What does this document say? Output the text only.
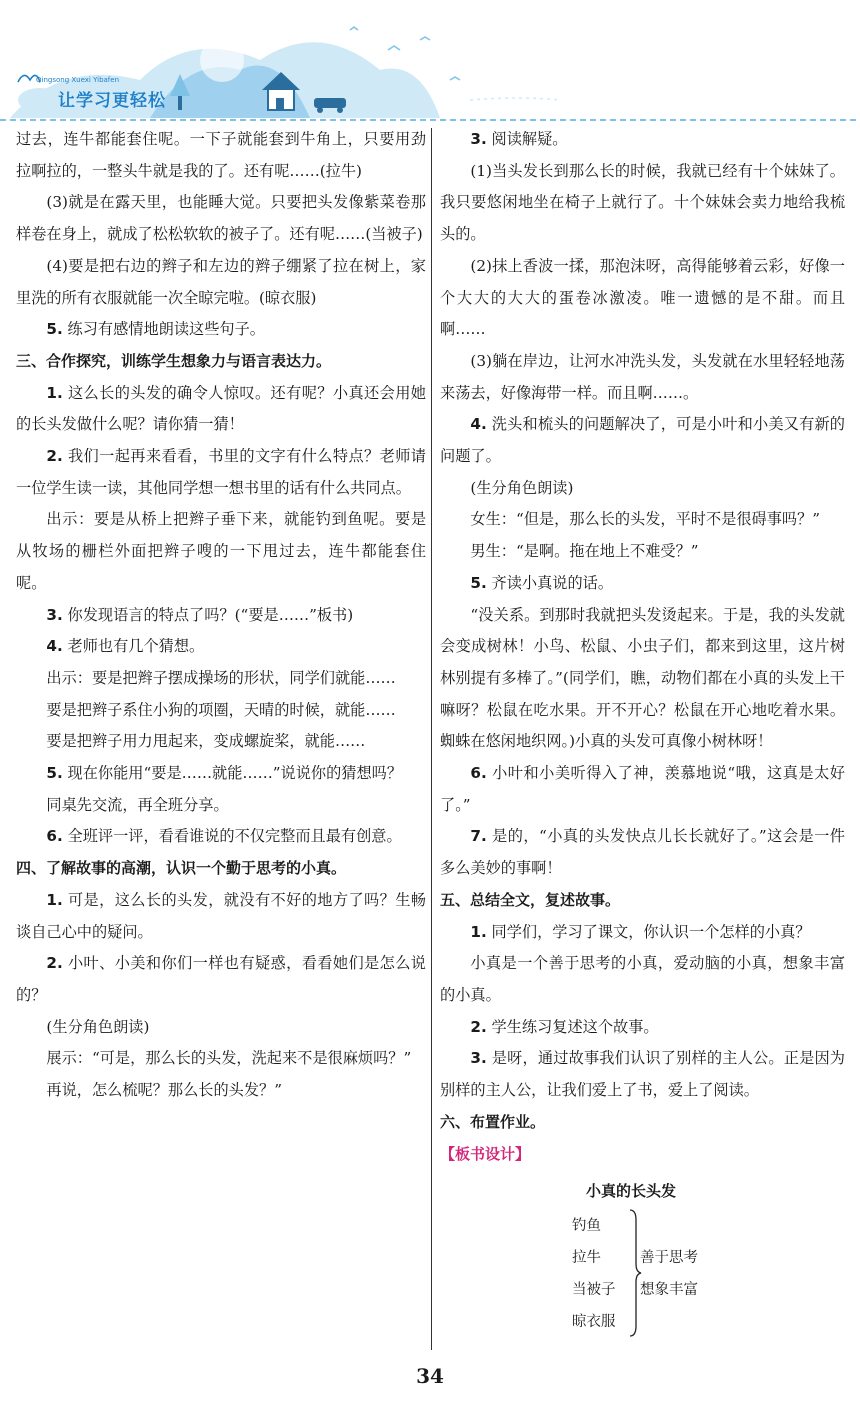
Qingsong Xuexi Yibafen
让学习更轻松

过去，连牛都能套住呢。一下子就能套到牛角上，只要用劲拉啊拉的，一整头牛就是我的了。还有呢……(拉牛)

(3)就是在露天里，也能睡大觉。只要把头发像紫菜卷那样卷在身上，就成了松松软软的被子了。还有呢……(当被子)

(4)要是把右边的辫子和左边的辫子绷紧了拉在树上，家里洗的所有衣服就能一次全晾完啦。(晾衣服)

5. 练习有感情地朗读这些句子。

三、合作探究，训练学生想象力与语言表达力。

1. 这么长的头发的确令人惊叹。还有呢？小真还会用她的长头发做什么呢？请你猜一猜！

2. 我们一起再来看看，书里的文字有什么特点？老师请一位学生读一读，其他同学想一想书里的话有什么共同点。

出示：要是从桥上把辫子垂下来，就能钓到鱼呢。要是从牧场的栅栏外面把辫子嗖的一下甩过去，连牛都能套住呢。

3. 你发现语言的特点了吗？(“要是……”板书)

4. 老师也有几个猜想。

出示：要是把辫子摆成操场的形状，同学们就能……

要是把辫子系住小狗的项圈，天晴的时候，就能……

要是把辫子用力甩起来，变成螺旋桨，就能……

5. 现在你能用“要是……就能……”说说你的猜想吗？

同桌先交流，再全班分享。

6. 全班评一评，看看谁说的不仅完整而且最有创意。

四、了解故事的高潮，认识一个勤于思考的小真。

1. 可是，这么长的头发，就没有不好的地方了吗？生畅谈自己心中的疑问。

2. 小叶、小美和你们一样也有疑惑，看看她们是怎么说的？

(生分角色朗读)

展示：“可是，那么长的头发，洗起来不是很麻烦吗？”

再说，怎么梳呢？那么长的头发？”

3. 阅读解疑。

(1)当头发长到那么长的时候，我就已经有十个妹妹了。我只要悠闲地坐在椅子上就行了。十个妹妹会卖力地给我梳头的。

(2)抹上香波一揉，那泡沫呀，高得能够着云彩，好像一个大大的大大的蛋卷冰激凌。唯一遗憾的是不甜。而且啊……

(3)躺在岸边，让河水冲洗头发，头发就在水里轻轻地荡来荡去，好像海带一样。而且啊……。

4. 洗头和梳头的问题解决了，可是小叶和小美又有新的问题了。

(生分角色朗读)

女生：“但是，那么长的头发，平时不是很碍事吗？”

男生：“是啊。拖在地上不难受？”

5. 齐读小真说的话。

“没关系。到那时我就把头发烫起来。于是，我的头发就会变成树林！小鸟、松鼠、小虫子们，都来到这里，这片树林别提有多棒了。”(同学们，瞧，动物们都在小真的头发上干嘛呀？松鼠在吃水果。开不开心？松鼠在开心地吃着水果。蜘蛛在悠闲地织网。)小真的头发可真像小树林呀！

6. 小叶和小美听得入了神，羡慕地说“哦，这真是太好了。”

7. 是的，“小真的头发快点儿长长就好了。”这会是一件多么美妙的事啊！

五、总结全文，复述故事。

1. 同学们，学习了课文，你认识一个怎样的小真？

小真是一个善于思考的小真，爱动脑的小真，想象丰富的小真。

2. 学生练习复述这个故事。

3. 是呀，通过故事我们认识了别样的主人公。正是因为别样的主人公，让我们爱上了书，爱上了阅读。

六、布置作业。

【板书设计】
小真的长头发
钓鱼
拉牛
当被子
晾衣服
善于思考
想象丰富
34
